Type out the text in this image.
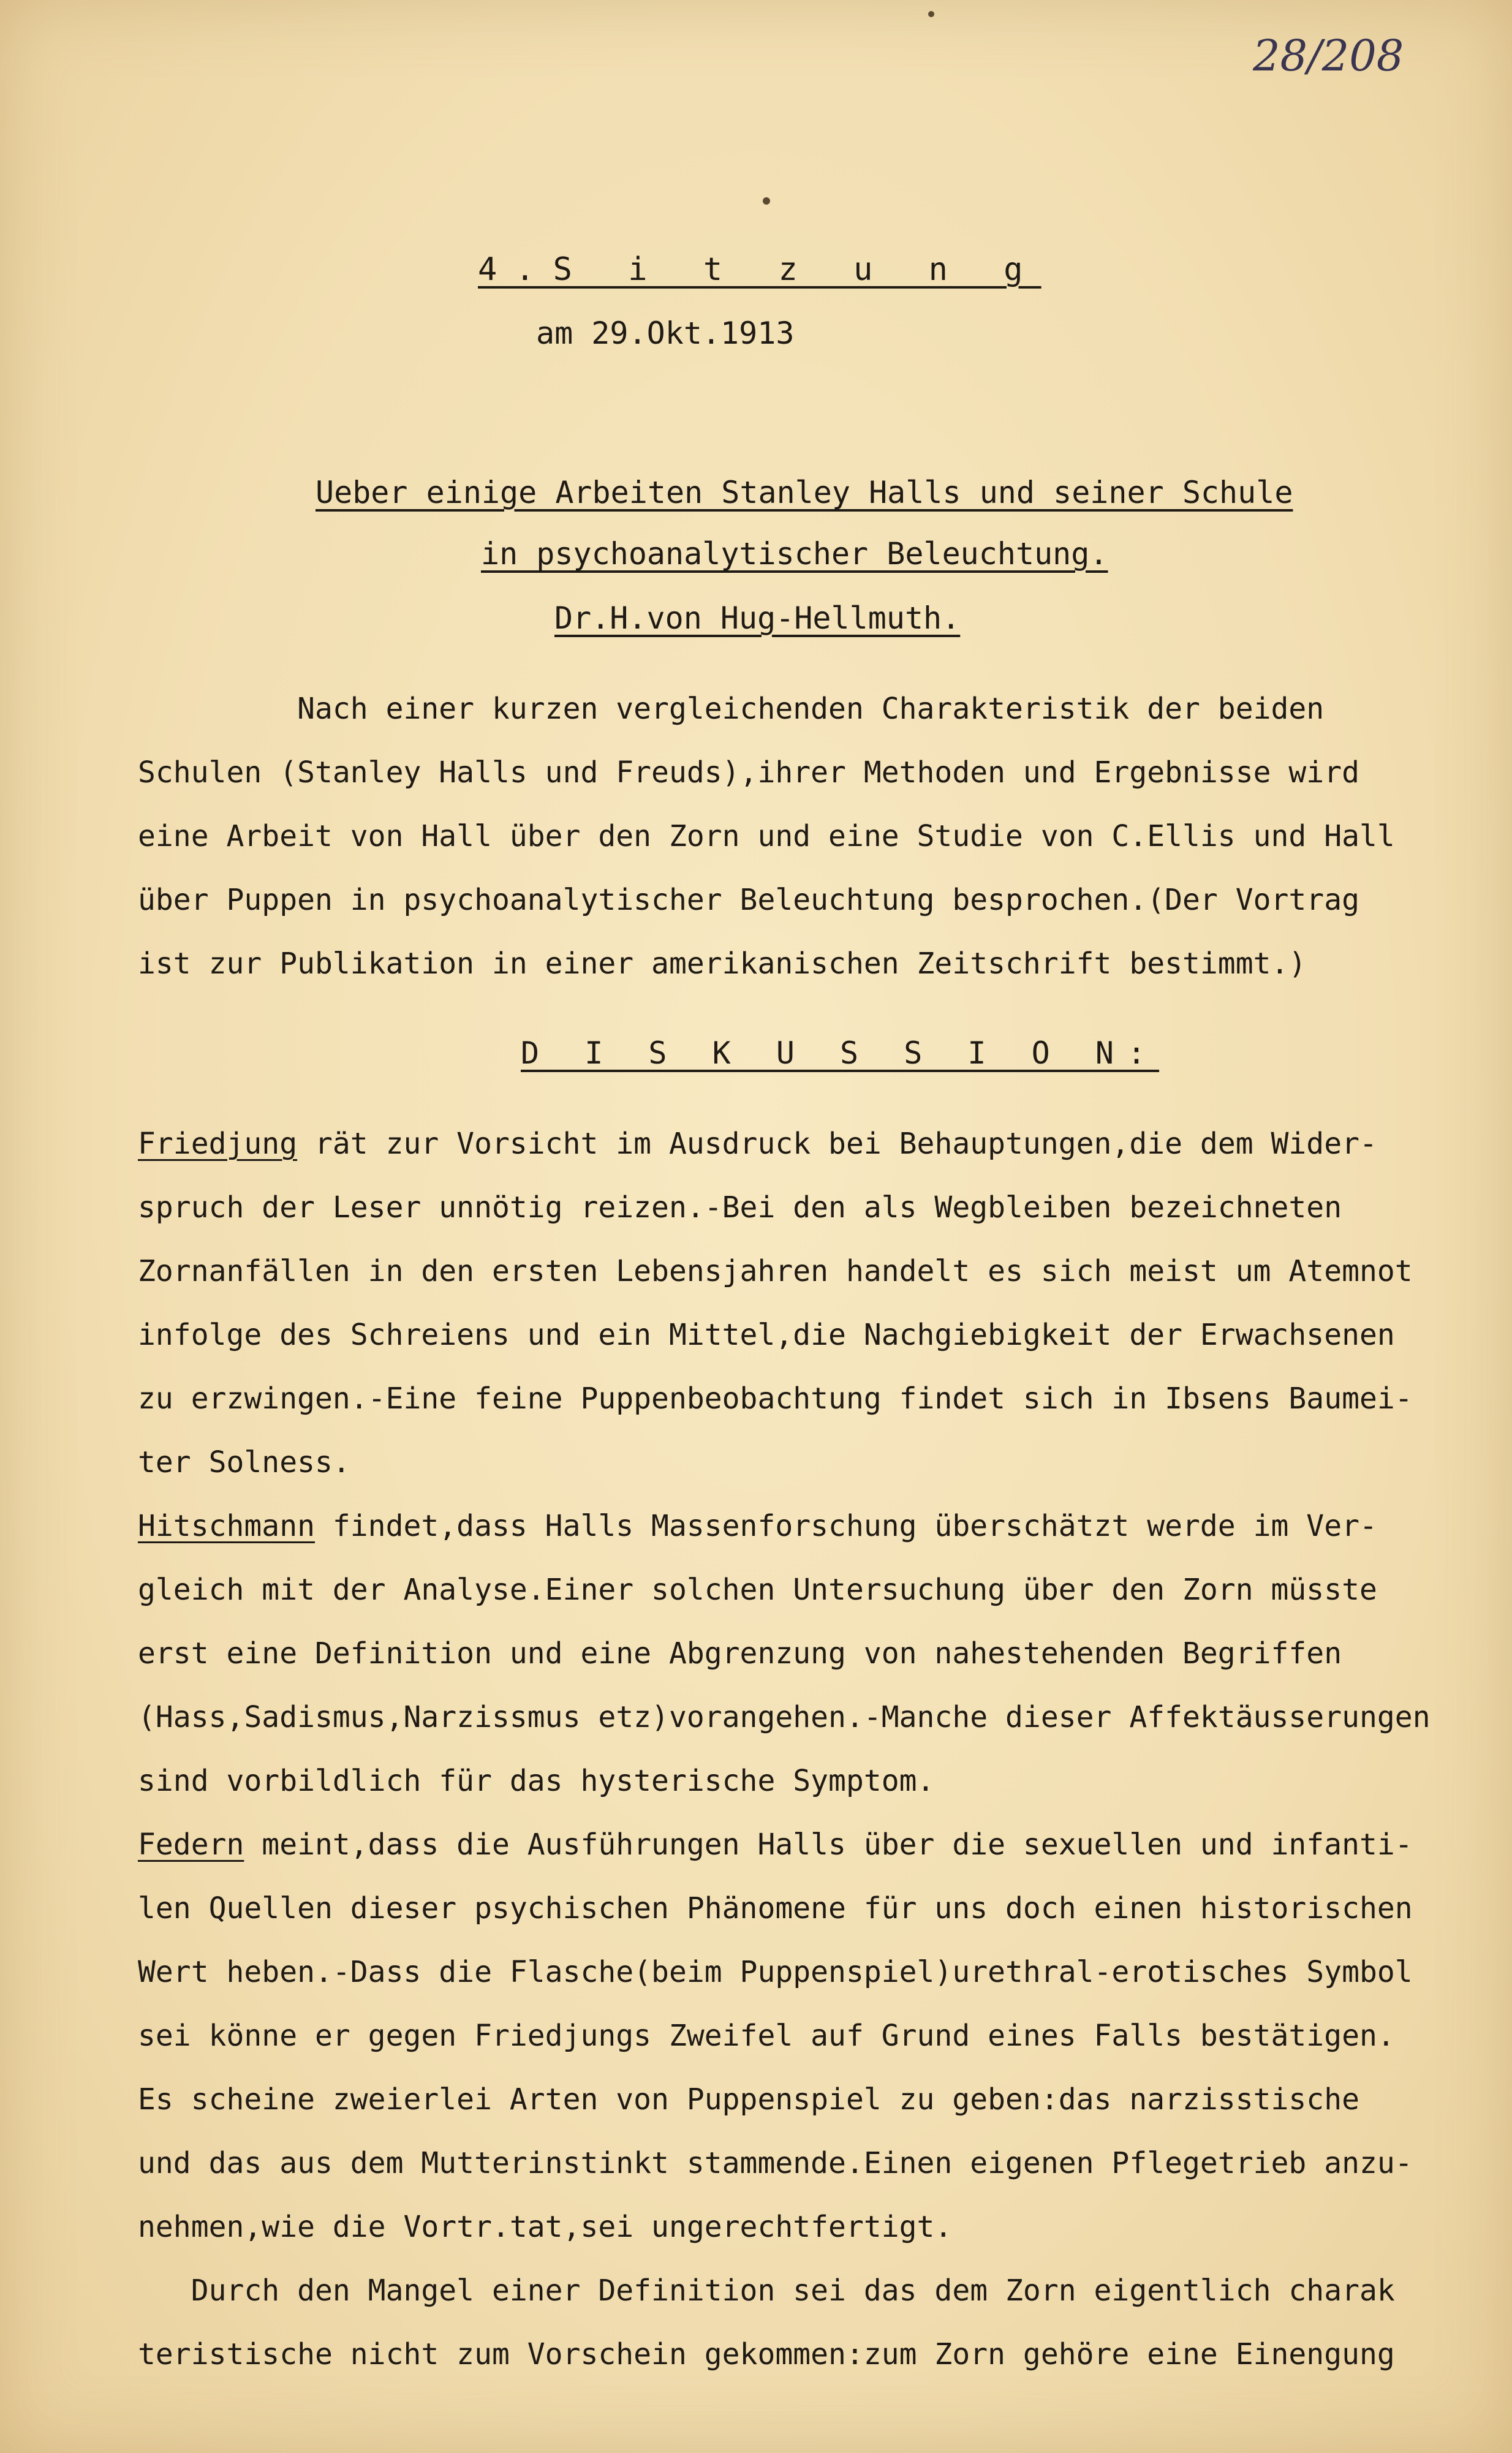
28/208
4.S i t z u n g
am 29.Okt.1913
Ueber einige Arbeiten Stanley Halls und seiner Schule
in psychoanalytischer Beleuchtung.
Dr.H.von Hug-Hellmuth.
Nach einer kurzen vergleichenden Charakteristik der beiden
Schulen (Stanley Halls und Freuds),ihrer Methoden und Ergebnisse wird
eine Arbeit von Hall über den Zorn und eine Studie von C.Ellis und Hall
über Puppen in psychoanalytischer Beleuchtung besprochen.(Der Vortrag
ist zur Publikation in einer amerikanischen Zeitschrift bestimmt.)
D I S K U S S I O N:
Friedjung rät zur Vorsicht im Ausdruck bei Behauptungen,die dem Wider-
spruch der Leser unnötig reizen.-Bei den als Wegbleiben bezeichneten
Zornanfällen in den ersten Lebensjahren handelt es sich meist um Atemnot
infolge des Schreiens und ein Mittel,die Nachgiebigkeit der Erwachsenen
zu erzwingen.-Eine feine Puppenbeobachtung findet sich in Ibsens Baumei-
ter Solness.
Hitschmann findet,dass Halls Massenforschung überschätzt werde im Ver-
gleich mit der Analyse.Einer solchen Untersuchung über den Zorn müsste
erst eine Definition und eine Abgrenzung von nahestehenden Begriffen
(Hass,Sadismus,Narzissmus etz)vorangehen.-Manche dieser Affektäusserungen
sind vorbildlich für das hysterische Symptom.
Federn meint,dass die Ausführungen Halls über die sexuellen und infanti-
len Quellen dieser psychischen Phänomene für uns doch einen historischen
Wert heben.-Dass die Flasche(beim Puppenspiel)urethral-erotisches Symbol
sei könne er gegen Friedjungs Zweifel auf Grund eines Falls bestätigen.
Es scheine zweierlei Arten von Puppenspiel zu geben:das narzisstische
und das aus dem Mutterinstinkt stammende.Einen eigenen Pflegetrieb anzu-
nehmen,wie die Vortr.tat,sei ungerechtfertigt.
Durch den Mangel einer Definition sei das dem Zorn eigentlich charak
teristische nicht zum Vorschein gekommen:zum Zorn gehöre eine Einengung
